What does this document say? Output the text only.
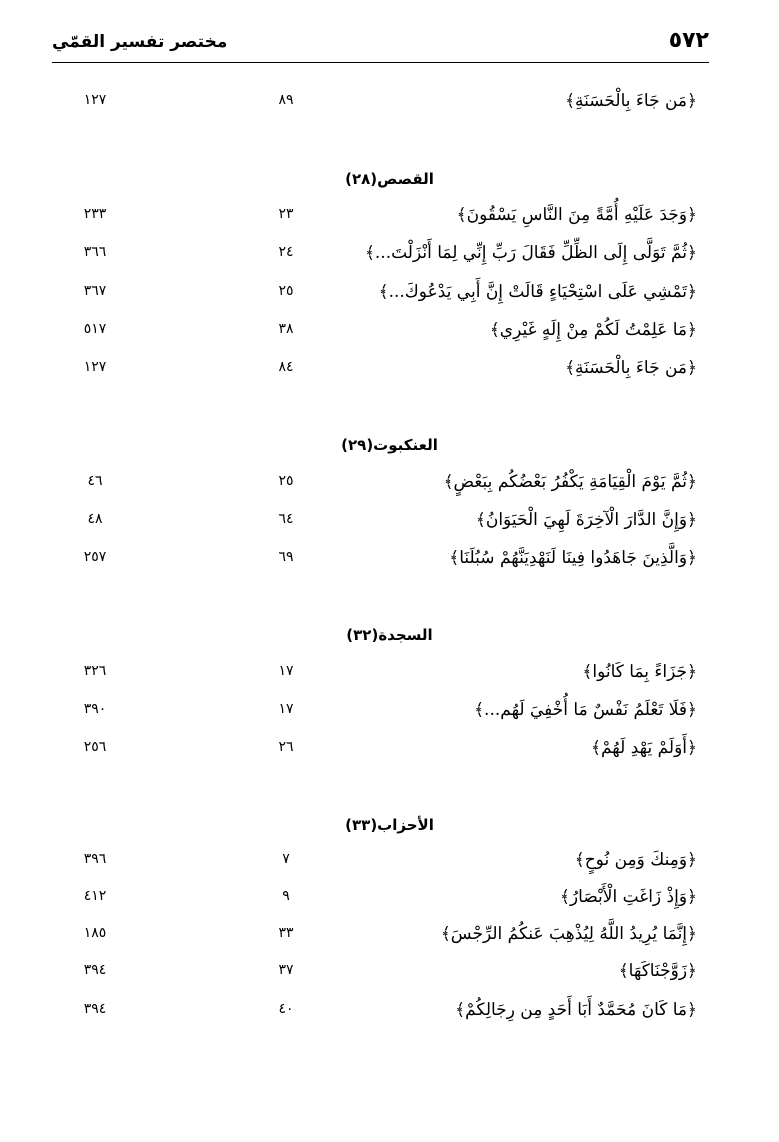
٥٧٢
مختصر تفسير القمّي
﴿مَن جَاءَ بِالْحَسَنَةِ﴾
٨٩
١٢٧
القصص(٢٨)
﴿وَجَدَ عَلَيْهِ أُمَّةً مِنَ النَّاسِ يَسْقُونَ﴾
٢٣
٢٣٣
﴿ثُمَّ تَوَلَّى إِلَى الظِّلِّ فَقَالَ رَبِّ إِنِّي لِمَا أَنْزَلْتَ...﴾
٢٤
٣٦٦
﴿تَمْشِي عَلَى اسْتِحْيَاءٍ قَالَتْ إِنَّ أَبِي يَدْعُوكَ...﴾
٢٥
٣٦٧
﴿مَا عَلِمْتُ لَكُمْ مِنْ إِلَهٍ غَيْرِي﴾
٣٨
٥١٧
﴿مَن جَاءَ بِالْحَسَنَةِ﴾
٨٤
١٢٧
العنكبوت(٢٩)
﴿ثُمَّ يَوْمَ الْقِيَامَةِ يَكْفُرُ بَعْضُكُم بِبَعْضٍ﴾
٢٥
٤٦
﴿وَإِنَّ الدَّارَ الْآخِرَةَ لَهِيَ الْحَيَوَانُ﴾
٦٤
٤٨
﴿وَالَّذِينَ جَاهَدُوا فِينَا لَنَهْدِيَنَّهُمْ سُبُلَنَا﴾
٦٩
٢٥٧
السجدة(٣٢)
﴿جَزَاءً بِمَا كَانُوا﴾
١٧
٣٢٦
﴿فَلَا تَعْلَمُ نَفْسٌ مَا أُخْفِيَ لَهُم...﴾
١٧
٣٩٠
﴿أَوَلَمْ يَهْدِ لَهُمْ﴾
٢٦
٢٥٦
الأحزاب(٣٣)
﴿وَمِنكَ وَمِن نُوحٍ﴾
٧
٣٩٦
﴿وَإِذْ زَاغَتِ الْأَبْصَارُ﴾
٩
٤١٢
﴿إِنَّمَا يُرِيدُ اللَّهُ لِيُذْهِبَ عَنكُمُ الرِّجْسَ﴾
٣٣
١٨٥
﴿زَوَّجْنَاكَهَا﴾
٣٧
٣٩٤
﴿مَا كَانَ مُحَمَّدٌ أَبَا أَحَدٍ مِن رِجَالِكُمْ﴾
٤٠
٣٩٤
